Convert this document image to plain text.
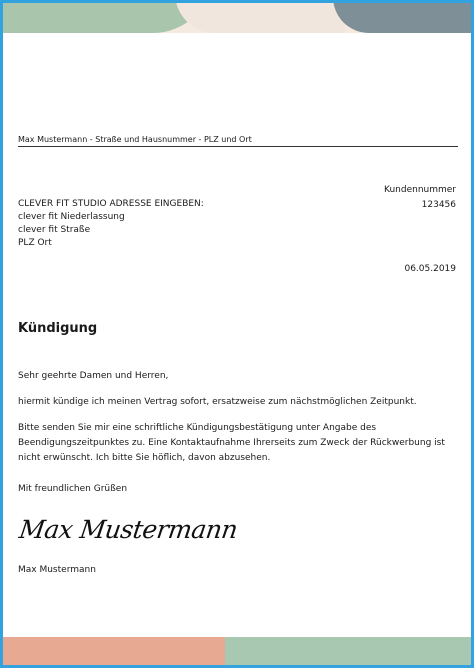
Max Mustermann - Straße und Hausnummer - PLZ und Ort
CLEVER FIT STUDIO ADRESSE EINGEBEN:
clever fit Niederlassung
clever fit Straße
PLZ Ort
Kundennummer
123456
06.05.2019
Kündigung
Sehr geehrte Damen und Herren,
hiermit kündige ich meinen Vertrag sofort, ersatzweise zum nächstmöglichen Zeitpunkt.
Bitte senden Sie mir eine schriftliche Kündigungsbestätigung unter Angabe des Beendigungszeitpunktes zu. Eine Kontaktaufnahme Ihrerseits zum Zweck der Rückwerbung ist nicht erwünscht. Ich bitte Sie höflich, davon abzusehen.
Mit freundlichen Grüßen
Max Mustermann
Max Mustermann
